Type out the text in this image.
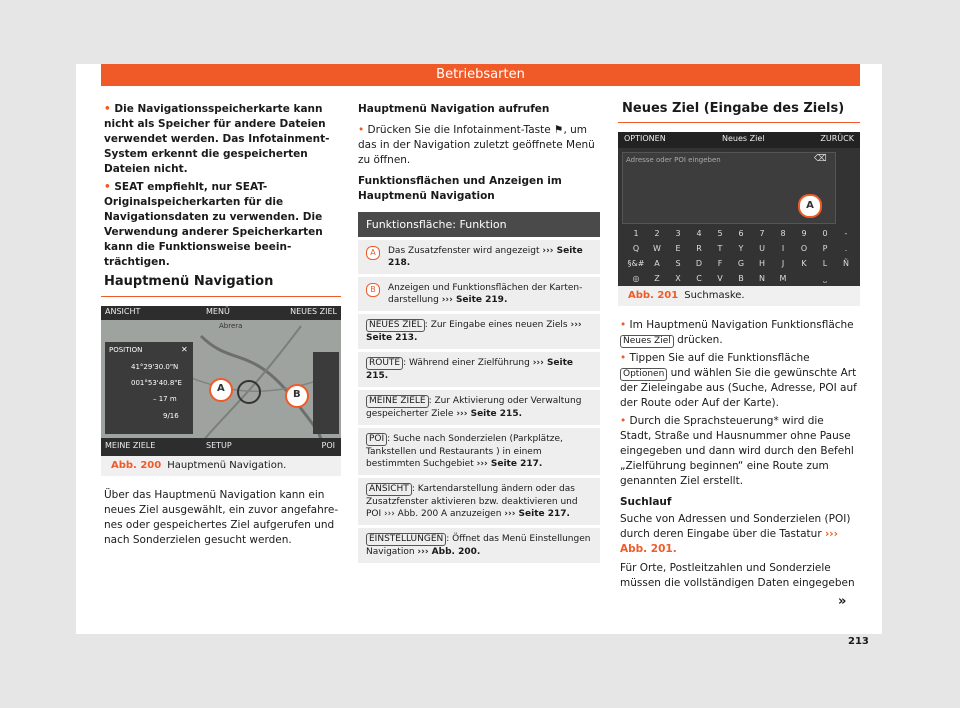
Betriebsarten

• Die Navigationsspeicherkarte kann nicht als Speicher für andere Dateien verwendet werden. Das Infotainment-System erkennt die gespeicherten Dateien nicht.

• SEAT empfiehlt, nur SEAT-Originalspeicherkarten für die Navigationsdaten zu verwenden. Die Verwendung anderer Speicherkarten kann die Funktionsweise beeinträchtigen.

Hauptmenü Navigation
ANSICHT	MENÜ	NEUES ZIEL
Abrera
POSITION	✕
41°29'30.0"N
001°53'40.8"E
– 17 m
9/16
A
B
MEINE ZIELE	SETUP	POI
Abb. 200 Hauptmenü Navigation.

Über das Hauptmenü Navigation kann ein neues Ziel ausgewählt, ein zuvor angefahrenes oder gespeichertes Ziel aufgerufen und nach Sonderzielen gesucht werden.

Hauptmenü Navigation aufrufen

• Drücken Sie die Infotainment-Taste ⚑, um das in der Navigation zuletzt geöffnete Menü zu öffnen.

Funktionsflächen und Anzeigen im Hauptmenü Navigation

Funktionsfläche: Funktion
A	Das Zusatzfenster wird angezeigt ››› Seite 218.
B	Anzeigen und Funktionsflächen der Kartendarstellung ››› Seite 219.
NEUES ZIEL : Zur Eingabe eines neuen Ziels ››› Seite 213.
ROUTE : Während einer Zielführung ››› Seite 215.
MEINE ZIELE : Zur Aktivierung oder Verwaltung gespeicherter Ziele ››› Seite 215.
POI : Suche nach Sonderzielen (Parkplätze, Tankstellen und Restaurants ) in einem bestimmten Suchgebiet ››› Seite 217.
ANSICHT : Kartendarstellung ändern oder das Zusatzfenster aktivieren bzw. deaktivieren und POI ››› Abb. 200 A anzuzeigen ››› Seite 217.
EINSTELLUNGEN : Öffnet das Menü Einstellungen Navigation ››› Abb. 200.
Neues Ziel (Eingabe des Ziels)
OPTIONEN	Neues Ziel	ZURÜCK
Adresse oder POI eingeben	⌫
A
1	2	3	4	5	6	7	8	9	0	-
Q	W	E	R	T	Y	U	I	O	P	.
§&#	A	S	D	F	G	H	J	K	L	Ñ
◎	Z	X	C	V	B	N	M	⎵
Abb. 201 Suchmaske.

• Im Hauptmenü Navigation Funktionsfläche Neues Ziel drücken.

• Tippen Sie auf die Funktionsfläche Optionen und wählen Sie die gewünschte Art der Zieleingabe aus (Suche, Adresse, POI auf der Route oder Auf der Karte).

• Durch die Sprachsteuerung* wird die Stadt, Straße und Hausnummer ohne Pause eingegeben und dann wird durch den Befehl „Zielführung beginnen“ eine Route zum genannten Ziel erstellt.

Suchlauf

Suche von Adressen und Sonderzielen (POI) durch deren Eingabe über die Tastatur ››› Abb. 201.

Für Orte, Postleitzahlen und Sonderziele müssen die vollständigen Daten eingegeben

»
213
